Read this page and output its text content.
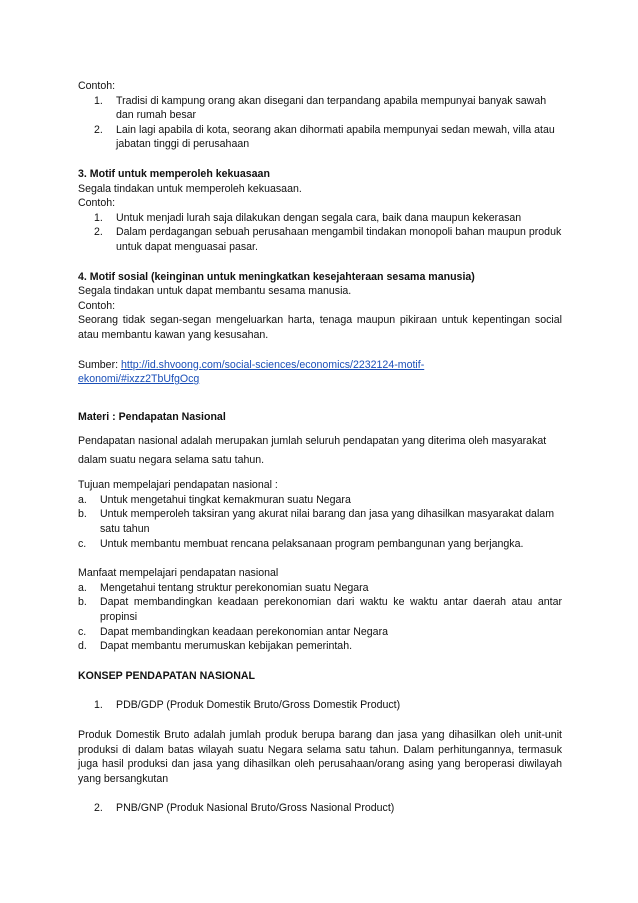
Contoh:
1. Tradisi di kampung orang akan disegani dan terpandang apabila mempunyai banyak sawah dan rumah besar
2. Lain lagi apabila di kota, seorang akan dihormati apabila mempunyai sedan mewah, villa atau jabatan tinggi di perusahaan
3. Motif untuk memperoleh kekuasaan
Segala tindakan untuk memperoleh kekuasaan.
Contoh:
1. Untuk menjadi lurah saja dilakukan dengan segala cara, baik dana maupun kekerasan
2. Dalam perdagangan sebuah perusahaan mengambil tindakan monopoli bahan maupun produk untuk dapat menguasai pasar.
4. Motif sosial (keinginan untuk meningkatkan kesejahteraan sesama manusia)
Segala tindakan untuk dapat membantu sesama manusia.
Contoh:
Seorang tidak segan-segan mengeluarkan harta, tenaga maupun pikiraan untuk kepentingan social atau membantu kawan yang kesusahan.
Sumber: http://id.shvoong.com/social-sciences/economics/2232124-motif-
ekonomi/#ixzz2TbUfgOcg
Materi : Pendapatan Nasional
Pendapatan nasional adalah merupakan jumlah seluruh pendapatan yang diterima oleh masyarakat dalam suatu negara selama satu tahun.
Tujuan mempelajari pendapatan nasional :
a. Untuk mengetahui tingkat kemakmuran suatu Negara
b. Untuk memperoleh taksiran yang akurat nilai barang dan jasa yang dihasilkan masyarakat dalam satu tahun
c. Untuk membantu membuat rencana pelaksanaan program pembangunan yang berjangka.
Manfaat mempelajari pendapatan nasional
a. Mengetahui tentang struktur perekonomian suatu Negara
b. Dapat membandingkan keadaan perekonomian dari waktu ke waktu antar daerah atau antar propinsi
c. Dapat membandingkan keadaan perekonomian antar Negara
d. Dapat membantu merumuskan kebijakan pemerintah.
KONSEP PENDAPATAN NASIONAL
1. PDB/GDP (Produk Domestik Bruto/Gross Domestik Product)
Produk Domestik Bruto adalah jumlah produk berupa barang dan jasa yang dihasilkan oleh unit-unit produksi di dalam batas wilayah suatu Negara selama satu tahun. Dalam perhitungannya, termasuk juga hasil produksi dan jasa yang dihasilkan oleh perusahaan/orang asing yang beroperasi diwilayah yang bersangkutan
2. PNB/GNP (Produk Nasional Bruto/Gross Nasional Product)
